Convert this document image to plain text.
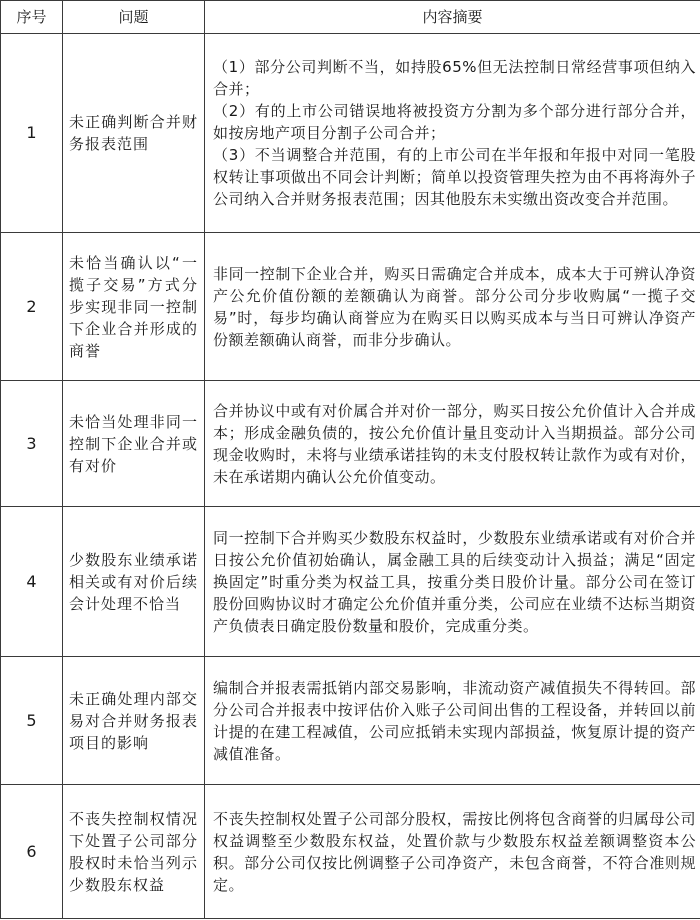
序号	问题	内容摘要
1	未正确判断合并财务报表范围	（1）部分公司判断不当，如持股65%但无法控制日常经营事项但纳入合并；
（2）有的上市公司错误地将被投资方分割为多个部分进行部分合并，如按房地产项目分割子公司合并；
（3）不当调整合并范围，有的上市公司在半年报和年报中对同一笔股权转让事项做出不同会计判断；简单以投资管理失控为由不再将海外子公司纳入合并财务报表范围；因其他股东未实缴出资改变合并范围。

2	未恰当确认以“一揽子交易”方式分步实现非同一控制下企业合并形成的商誉	非同一控制下企业合并，购买日需确定合并成本，成本大于可辨认净资产公允价值份额的差额确认为商誉。部分公司分步收购属“一揽子交易”时，每步均确认商誉应为在购买日以购买成本与当日可辨认净资产份额差额确认商誉，而非分步确认。
3	未恰当处理非同一控制下企业合并或有对价	合并协议中或有对价属合并对价一部分，购买日按公允价值计入合并成本；形成金融负债的，按公允价值计量且变动计入当期损益。部分公司现金收购时，未将与业绩承诺挂钩的未支付股权转让款作为或有对价，未在承诺期内确认公允价值变动。
4	少数股东业绩承诺相关或有对价后续会计处理不恰当	同一控制下合并购买少数股东权益时，少数股东业绩承诺或有对价合并日按公允价值初始确认，属金融工具的后续变动计入损益；满足“固定换固定”时重分类为权益工具，按重分类日股价计量。部分公司在签订股份回购协议时才确定公允价值并重分类，公司应在业绩不达标当期资产负债表日确定股份数量和股价，完成重分类。
5	未正确处理内部交易对合并财务报表项目的影响	编制合并报表需抵销内部交易影响，非流动资产减值损失不得转回。部分公司合并报表中按评估价入账子公司间出售的工程设备，并转回以前计提的在建工程减值，公司应抵销未实现内部损益，恢复原计提的资产减值准备。
6	不丧失控制权情况下处置子公司部分股权时未恰当列示少数股东权益	不丧失控制权处置子公司部分股权，需按比例将包含商誉的归属母公司权益调整至少数股东权益，处置价款与少数股东权益差额调整资本公积。部分公司仅按比例调整子公司净资产，未包含商誉，不符合准则规定。
